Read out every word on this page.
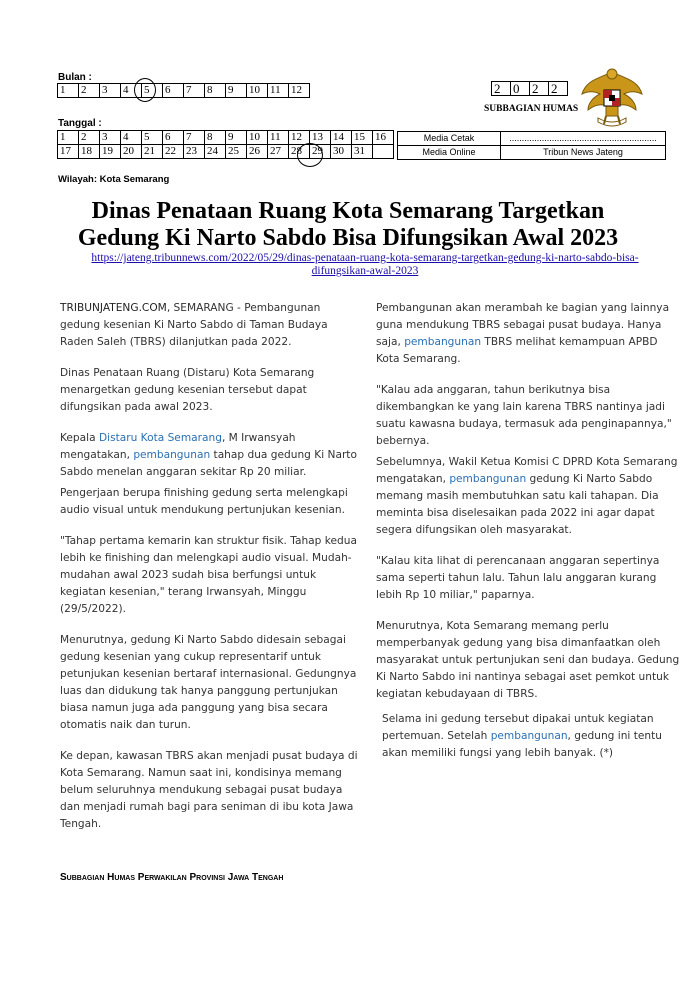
Bulan :
1	2	3	4	5	6	7	8	9	10	11	12
Tanggal :
1	2	3	4	5	6	7	8	9	10	11	12	13	14	15	16
17	18	19	20	21	22	23	24	25	26	27	28	29	30	31	
2	0	2	2
SUBBAGIAN HUMAS
Media Cetak	...........................................................
Media Online	Tribun News Jateng
Wilayah: Kota Semarang
Dinas Penataan Ruang Kota Semarang Targetkan
Gedung Ki Narto Sabdo Bisa Difungsikan Awal 2023
https://jateng.tribunnews.com/2022/05/29/dinas-penataan-ruang-kota-semarang-targetkan-gedung-ki-narto-sabdo-bisa-
difungsikan-awal-2023

TRIBUNJATENG.COM, SEMARANG - Pembangunan gedung kesenian Ki Narto Sabdo di Taman Budaya Raden Saleh (TBRS) dilanjutkan pada 2022.

Dinas Penataan Ruang (Distaru) Kota Semarang menargetkan gedung kesenian tersebut dapat difungsikan pada awal 2023.

Kepala Distaru Kota Semarang, M Irwansyah mengatakan, pembangunan tahap dua gedung Ki Narto Sabdo menelan anggaran sekitar Rp 20 miliar.

Pengerjaan berupa finishing gedung serta melengkapi audio visual untuk mendukung pertunjukan kesenian.

"Tahap pertama kemarin kan struktur fisik. Tahap kedua lebih ke finishing dan melengkapi audio visual. Mudah-mudahan awal 2023 sudah bisa berfungsi untuk kegiatan kesenian," terang Irwansyah, Minggu (29/5/2022).

Menurutnya, gedung Ki Narto Sabdo didesain sebagai gedung kesenian yang cukup representarif untuk petunjukan kesenian bertaraf internasional. Gedungnya luas dan didukung tak hanya panggung pertunjukan biasa namun juga ada panggung yang bisa secara otomatis naik dan turun.

Ke depan, kawasan TBRS akan menjadi pusat budaya di Kota Semarang. Namun saat ini, kondisinya memang belum seluruhnya mendukung sebagai pusat budaya dan menjadi rumah bagi para seniman di ibu kota Jawa Tengah.

Pembangunan akan merambah ke bagian yang lainnya guna mendukung TBRS sebagai pusat budaya. Hanya saja, pembangunan TBRS melihat kemampuan APBD Kota Semarang.

"Kalau ada anggaran, tahun berikutnya bisa dikembangkan ke yang lain karena TBRS nantinya jadi suatu kawasna budaya, termasuk ada penginapannya," bebernya.

Sebelumnya, Wakil Ketua Komisi C DPRD Kota Semarang mengatakan, pembangunan gedung Ki Narto Sabdo memang masih membutuhkan satu kali tahapan. Dia meminta bisa diselesaikan pada 2022 ini agar dapat segera difungsikan oleh masyarakat.

"Kalau kita lihat di perencanaan anggaran sepertinya sama seperti tahun lalu. Tahun lalu anggaran kurang lebih Rp 10 miliar," paparnya.

Menurutnya, Kota Semarang memang perlu memperbanyak gedung yang bisa dimanfaatkan oleh masyarakat untuk pertunjukan seni dan budaya. Gedung Ki Narto Sabdo ini nantinya sebagai aset pemkot untuk kegiatan kebudayaan di TBRS.

Selama ini gedung tersebut dipakai untuk kegiatan pertemuan. Setelah pembangunan, gedung ini tentu akan memiliki fungsi yang lebih banyak. (*)

Subbagian Humas Perwakilan Provinsi Jawa Tengah
